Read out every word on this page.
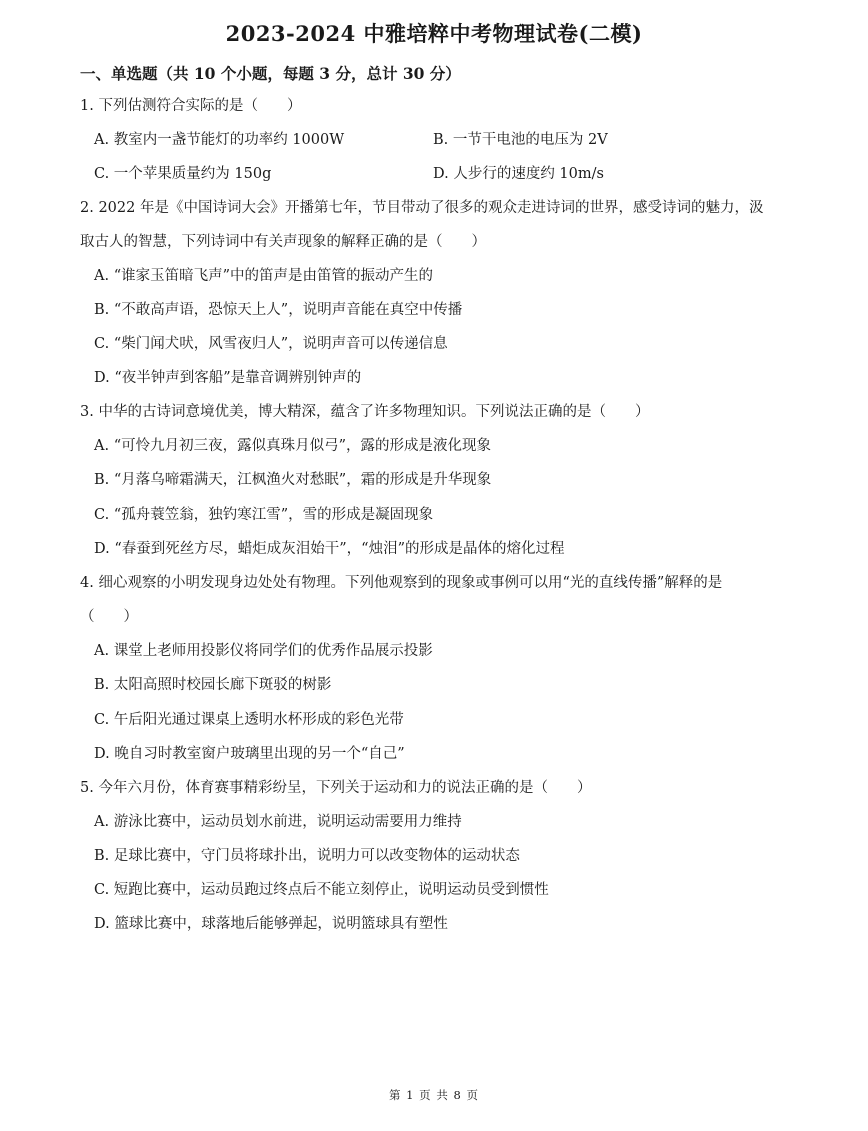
2023-2024 中雅培粹中考物理试卷(二模)
一、单选题（共 10 个小题，每题 3 分，总计 30 分）
1. 下列估测符合实际的是（　　）
A. 教室内一盏节能灯的功率约 1000W	B. 一节干电池的电压为 2V
C. 一个苹果质量约为 150g	D. 人步行的速度约 10m/s
2. 2022 年是《中国诗词大会》开播第七年，节目带动了很多的观众走进诗词的世界，感受诗词的魅力，汲
取古人的智慧，下列诗词中有关声现象的解释正确的是（　　）
A. “谁家玉笛暗飞声”中的笛声是由笛管的振动产生的
B. “不敢高声语，恐惊天上人”，说明声音能在真空中传播
C. “柴门闻犬吠，风雪夜归人”，说明声音可以传递信息
D. “夜半钟声到客船”是靠音调辨别钟声的
3. 中华的古诗词意境优美，博大精深，蕴含了许多物理知识。下列说法正确的是（　　）
A. “可怜九月初三夜，露似真珠月似弓”，露的形成是液化现象
B. “月落乌啼霜满天，江枫渔火对愁眠”，霜的形成是升华现象
C. “孤舟蓑笠翁，独钓寒江雪”，雪的形成是凝固现象
D. “春蚕到死丝方尽，蜡炬成灰泪始干”，“烛泪”的形成是晶体的熔化过程
4. 细心观察的小明发现身边处处有物理。下列他观察到的现象或事例可以用“光的直线传播”解释的是
（　　）
A. 课堂上老师用投影仪将同学们的优秀作品展示投影
B. 太阳高照时校园长廊下斑驳的树影
C. 午后阳光通过课桌上透明水杯形成的彩色光带
D. 晚自习时教室窗户玻璃里出现的另一个“自己”
5. 今年六月份，体育赛事精彩纷呈，下列关于运动和力的说法正确的是（　　）
A. 游泳比赛中，运动员划水前进，说明运动需要用力维持
B. 足球比赛中，守门员将球扑出，说明力可以改变物体的运动状态
C. 短跑比赛中，运动员跑过终点后不能立刻停止，说明运动员受到惯性
D. 篮球比赛中，球落地后能够弹起，说明篮球具有塑性
第 1 页 共 8 页
